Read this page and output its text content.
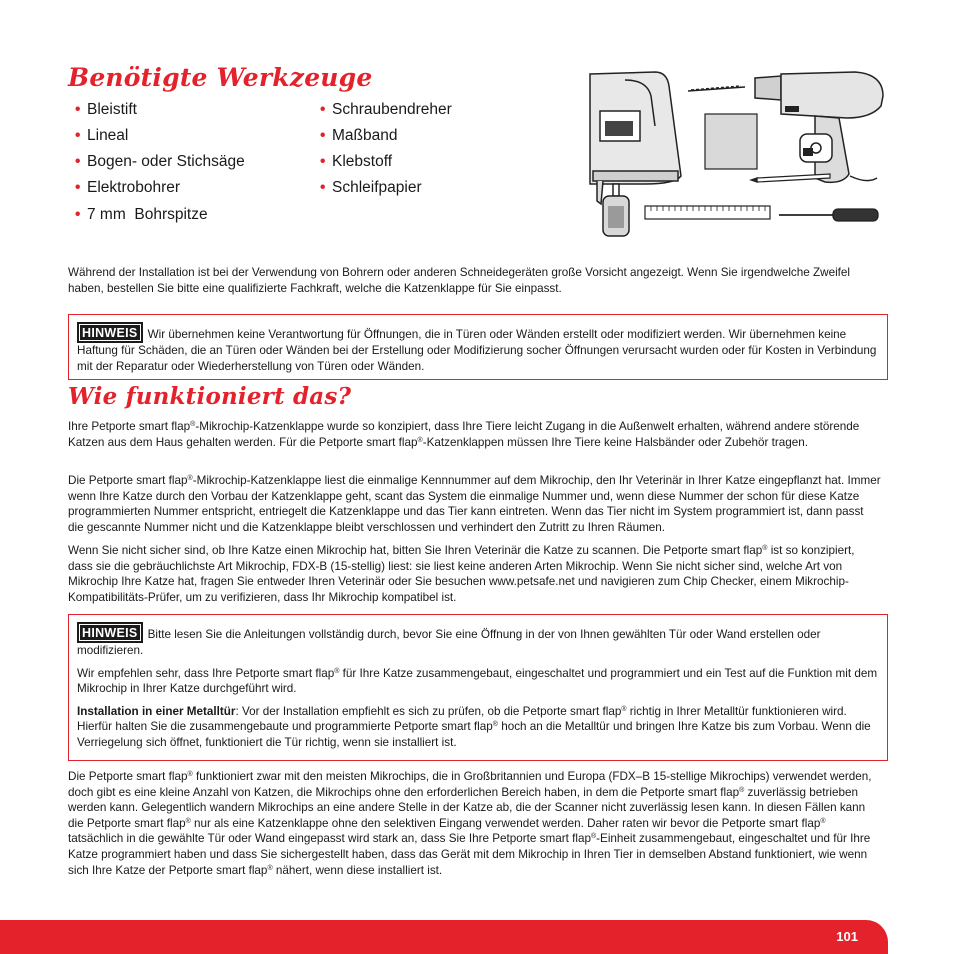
Benötigte Werkzeuge
• Bleistift
• Lineal
• Bogen- oder Stichsäge
• Elektrobohrer
• 7 mm  Bohrspitze
• Schraubendreher
• Maßband
• Klebstoff
• Schleifpapier

Während der Installation ist bei der Verwendung von Bohrern oder anderen Schneidegeräten große Vorsicht angezeigt. Wenn Sie irgendwelche Zweifel haben, bestellen Sie bitte eine qualifizierte Fachkraft, welche die Katzenklappe für Sie einpasst.

HINWEIS Wir übernehmen keine Verantwortung für Öffnungen, die in Türen oder Wänden erstellt oder modifiziert werden. Wir übernehmen keine Haftung für Schäden, die an Türen oder Wänden bei der Erstellung oder Modifizierung socher Öffnungen verursacht wurden oder für Kosten in Verbindung mit der Reparatur oder Wiederherstellung von Türen oder Wänden.

Wie funktioniert das?

Ihre Petporte smart flap®-Mikrochip-Katzenklappe wurde so konzipiert, dass Ihre Tiere leicht Zugang in die Außenwelt erhalten, während andere störende Katzen aus dem Haus gehalten werden. Für die Petporte smart flap®-Katzenklappen müssen Ihre Tiere keine Halsbänder oder Zubehör tragen.

Die Petporte smart flap®-Mikrochip-Katzenklappe liest die einmalige Kennnummer auf dem Mikrochip, den Ihr Veterinär in Ihrer Katze eingepflanzt hat. Immer wenn Ihre Katze durch den Vorbau der Katzenklappe geht, scant das System die einmalige Nummer und, wenn diese Nummer der schon für diese Katze programmierten Nummer entspricht, entriegelt die Katzenklappe und das Tier kann eintreten. Wenn das Tier nicht im System programmiert ist, dann passt die gescannte Nummer nicht und die Katzenklappe bleibt verschlossen und verhindert den Zutritt zu Ihren Räumen.

Wenn Sie nicht sicher sind, ob Ihre Katze einen Mikrochip hat, bitten Sie Ihren Veterinär die Katze zu scannen. Die Petporte smart flap® ist so konzipiert, dass sie die gebräuchlichste Art Mikrochip, FDX-B (15-stellig) liest: sie liest keine anderen Arten Mikrochip. Wenn Sie nicht sicher sind, welche Art von Mikrochip Ihre Katze hat, fragen Sie entweder Ihren Veterinär oder Sie besuchen www.petsafe.net und navigieren zum Chip Checker, einem Mikrochip-Kompatibilitäts-Prüfer, um zu verifizieren, dass Ihr Mikrochip kompatibel ist.

HINWEIS Bitte lesen Sie die Anleitungen vollständig durch, bevor Sie eine Öffnung in der von Ihnen gewählten Tür oder Wand erstellen oder modifizieren.

Wir empfehlen sehr, dass Ihre Petporte smart flap® für Ihre Katze zusammengebaut, eingeschaltet und programmiert und ein Test auf die Funktion mit dem Mikrochip in Ihrer Katze durchgeführt wird.

Installation in einer Metalltür: Vor der Installation empfiehlt es sich zu prüfen, ob die Petporte smart flap® richtig in Ihrer Metalltür funktionieren wird. Hierfür halten Sie die zusammengebaute und programmierte Petporte smart flap® hoch an die Metalltür und bringen Ihre Katze bis zum Vorbau. Wenn die Verriegelung sich öffnet, funktioniert die Tür richtig, wenn sie installiert ist.

Die Petporte smart flap® funktioniert zwar mit den meisten Mikrochips, die in Großbritannien und Europa (FDX–B 15-stellige Mikrochips) verwendet werden, doch gibt es eine kleine Anzahl von Katzen, die Mikrochips ohne den erforderlichen Bereich haben, in dem die Petporte smart flap® zuverlässig betrieben werden kann. Gelegentlich wandern Mikrochips an eine andere Stelle in der Katze ab, die der Scanner nicht zuverlässig lesen kann. In diesen Fällen kann die Petporte smart flap® nur als eine Katzenklappe ohne den selektiven Eingang verwendet werden. Daher raten wir bevor die Petporte smart flap® tatsächlich in die gewählte Tür oder Wand eingepasst wird stark an, dass Sie Ihre Petporte smart flap®-Einheit zusammengebaut, eingeschaltet und für Ihre Katze programmiert haben und dass Sie sichergestellt haben, dass das Gerät mit dem Mikrochip in Ihren Tier in demselben Abstand funktioniert, wie wenn sich Ihre Katze der Petporte smart flap® nähert, wenn diese installiert ist.

101
